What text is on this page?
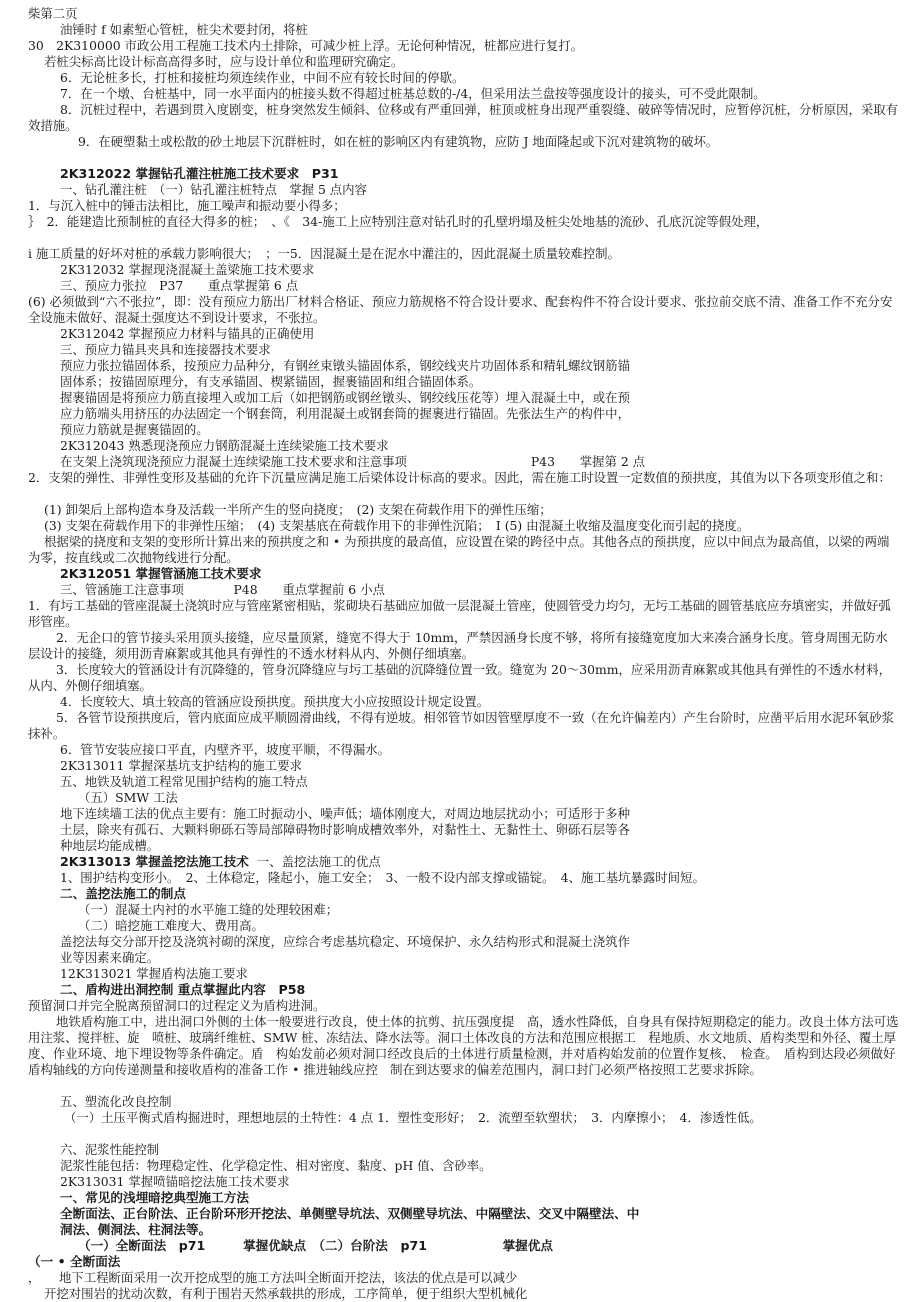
柴第二页
油锤时 f 如素堑心管桩，桩尖术要封闭，将桩
30　2K310000 市政公用工程施工技术内土排除，可减少桩上浮。无论何种情况，桩都应进行复打。
若桩尖标高比设计标高高得多时，应与设计单位和监理研究确定。
6．无论桩多长，打桩和接桩均须连续作业，中间不应有较长时间的停歇。
7．在一个墩、台桩基中，同一水平面内的桩接头数不得超过桩基总数的-/4，但采用法兰盘按等强度设计的接头，可不受此限制。
8．沉桩过程中，若遇到贯入度剧变，桩身突然发生倾斜、位移或有严重回弹，桩顶或桩身出现严重裂缝、破碎等情况时，应暂停沉桩，分析原因，采取有效措施。
9．在硬塑黏土或松散的砂土地层下沉群桩时，如在桩的影响区内有建筑物，应防 J 地面隆起或下沉对建筑物的破坏。
2K312022 掌握钻孔灌注桩施工技术要求　P31
一、钻孔灌注桩　（一）钻孔灌注桩特点　掌握 5 点内容
1．与沉入桩中的锤击法相比，施工噪声和振动要小得多；
｝　2．能建造比预制桩的直径大得多的桩；　、《　34-施工上应特别注意对钻孔时的孔壁坍塌及桩尖处地基的流砂、孔底沉淀等假处理，
i 施工质量的好坏对桩的承载力影响很大；　；一5．因混凝土是在泥水中灌注的，因此混凝土质量较难控制。
2K312032 掌握现浇混凝土盖梁施工技术要求
三、预应力张拉　P37　　重点掌握第 6 点
(6) 必须做到“六不张拉”，即：没有预应力筋出厂材料合格证、预应力筋规格不符合设计要求、配套构件不符合设计要求、张拉前交底不清、准备工作不充分安全设施未做好、混凝土强度达不到设计要求，不张拉。
2K312042 掌握预应力材料与锚具的正确使用
三、预应力锚具夹具和连接器技术要求
预应力张拉锚固体系，按预应力品种分，有钢丝束镦头锚固体系，钢绞线夹片功固体系和精轧螺纹钢筋锚
固体系；按锚固原理分，有支承锚固、楔紧锚固，握裹锚固和组合锚固体系。
握裹锚固是将预应力筋直接埋入或加工后（如把钢筋或钢丝镦头、钢绞线压花等）埋入混凝土中，或在预
应力筋端头用挤压的办法固定一个钢套筒，利用混凝土或钢套筒的握裹进行锚固。先张法生产的构件中，
预应力筋就是握裹锚固的。
2K312043 熟悉现浇预应力钢筋混凝土连续梁施工技术要求
在支架上浇筑现浇预应力混凝土连续梁施工技术要求和注意事项　　　　　　　　　　P43　　掌握第 2 点
2．支架的弹性、非弹性变形及基础的允许下沉量应满足施工后梁体设计标高的要求。因此，需在施工时设置一定数值的预拱度，其值为以下各项变形值之和：
(1) 卸架后上部构造本身及活载一半所产生的竖向挠度；　(2) 支架在荷载作用下的弹性压缩；
(3) 支架在荷载作用下的非弹性压缩；　(4) 支架基底在荷载作用下的非弹性沉陷；　I (5) 由混凝土收缩及温度变化而引起的挠度。
根据梁的挠度和支架的变形所计算出来的预拱度之和 • 为预拱度的最高值，应设置在梁的跨径中点。其他各点的预拱度，应以中间点为最高值，以梁的两端为零，按直线或二次抛物线进行分配。
2K312051 掌握管涵施工技术要求
三、管涵施工注意事项　　　　P48　　重点掌握前 6 小点
1．有圬工基础的管座混凝土浇筑时应与管座紧密相贴，浆砌块石基础应加做一层混凝土管座，使圆管受力均匀，无圬工基础的圆管基底应夯填密实，并做好弧形管座。
2．无企口的管节接头采用顶头接缝，应尽量顶紧，缝宽不得大于 10mm，严禁因涵身长度不够，将所有接缝宽度加大来凑合涵身长度。管身周围无防水层设计的接缝，须用沥青麻絮或其他具有弹性的不透水材料从内、外侧仔细填塞。
3．长度较大的管涵设计有沉降缝的，管身沉降缝应与圬工基础的沉降缝位置一致。缝宽为 20～30mm，应采用沥青麻絮或其他具有弹性的不透水材料，从内、外侧仔细填塞。
4．长度较大、填土较高的管涵应设预拱度。预拱度大小应按照设计规定设置。
5．各管节设预拱度后，管内底面应成平顺圆滑曲线，不得有逆坡。相邻管节如因管壁厚度不一致（在允许偏差内）产生台阶时，应凿平后用水泥环氧砂浆抹补。
6．管节安装应接口平直，内壁齐平，坡度平顺，不得漏水。
2K313011 掌握深基坑支护结构的施工要求
五、地铁及轨道工程常见围护结构的施工特点
（五）SMW 工法
地下连续墙工法的优点主要有：施工时振动小、噪声低；墙体刚度大，对周边地层扰动小；可适形于多种
土层，除夹有孤石、大颗料卵砾石等局部障碍物时影响成槽效率外，对黏性土、无黏性土、卵砾石层等各
种地层均能成槽。
2K313013 掌握盖挖法施工技术 一、盖挖法施工的优点
1、围护结构变形小。　2、土体稳定，隆起小，施工安全；　3、一般不设内部支撑或锚锭。　4、施工基坑暴露时间短。
二、盖挖法施工的制点
（一）混凝土内衬的水平施工缝的处理较困难；
（二）暗挖施工难度大、费用高。
盖挖法每交分部开挖及浇筑衬砌的深度，应综合考虑基坑稳定、环境保护、永久结构形式和混凝土浇筑作
业等因素来确定。
12K313021 掌握盾构法施工要求
二、盾构进出洞控制 重点掌握此内容　P58
预留洞口并完全脱离预留洞口的过程定义为盾构进洞。
地铁盾构施工中，进出洞口外侧的土体一般要进行改良，使土体的抗剪、抗压强度提　高，透水性降低，自身具有保持短期稳定的能力。改良土体方法可选用注浆、搅拌桩、旋　喷桩、玻璃纤维桩、SMW 桩、冻结法、降水法等。洞口土体改良的方法和范围应根据工　程地质、水文地质、盾构类型和外径、覆土厚度、作业环境、地下埋设物等条件确定。盾　构始发前必须对洞口经改良后的土体进行质量检测，并对盾构始发前的位置作复核、　检查。　盾构到达段必须做好盾构轴线的方向传递测量和接收盾构的准备工作 • 推进轴线应控　制在到达要求的偏差范围内，洞口封门必须严格按照工艺要求拆除。
五、塑流化改良控制
（一）土压平衡式盾构掘进时，理想地层的土特性：4 点 1．塑性变形好；　2．流塑至软塑状；　3．内摩擦小；　4．渗透性低。
六、泥浆性能控制
泥浆性能包括：物理稳定性、化学稳定性、相对密度、黏度、pH 值、含砂率。
2K313031 掌握喷锚暗挖法施工技术要求
一、常见的浅埋暗挖典型施工方法
全断面法、正台阶法、正台阶环形开挖法、单侧壁导坑法、双侧壁导坑法、中隔壁法、交叉中隔壁法、中
洞法、侧洞法、柱洞法等。
（一）全断面法　p71　　　掌握优缺点　（二）台阶法　p71　　　　　　掌握优点
（一 • 全断面法
，　　地下工程断面采用一次开挖成型的施工方法叫全断面开挖法，该法的优点是可以减少
开挖对围岩的扰动次数，有利于围岩天然承载拱的形成，工序简单，便于组织大型机械化
